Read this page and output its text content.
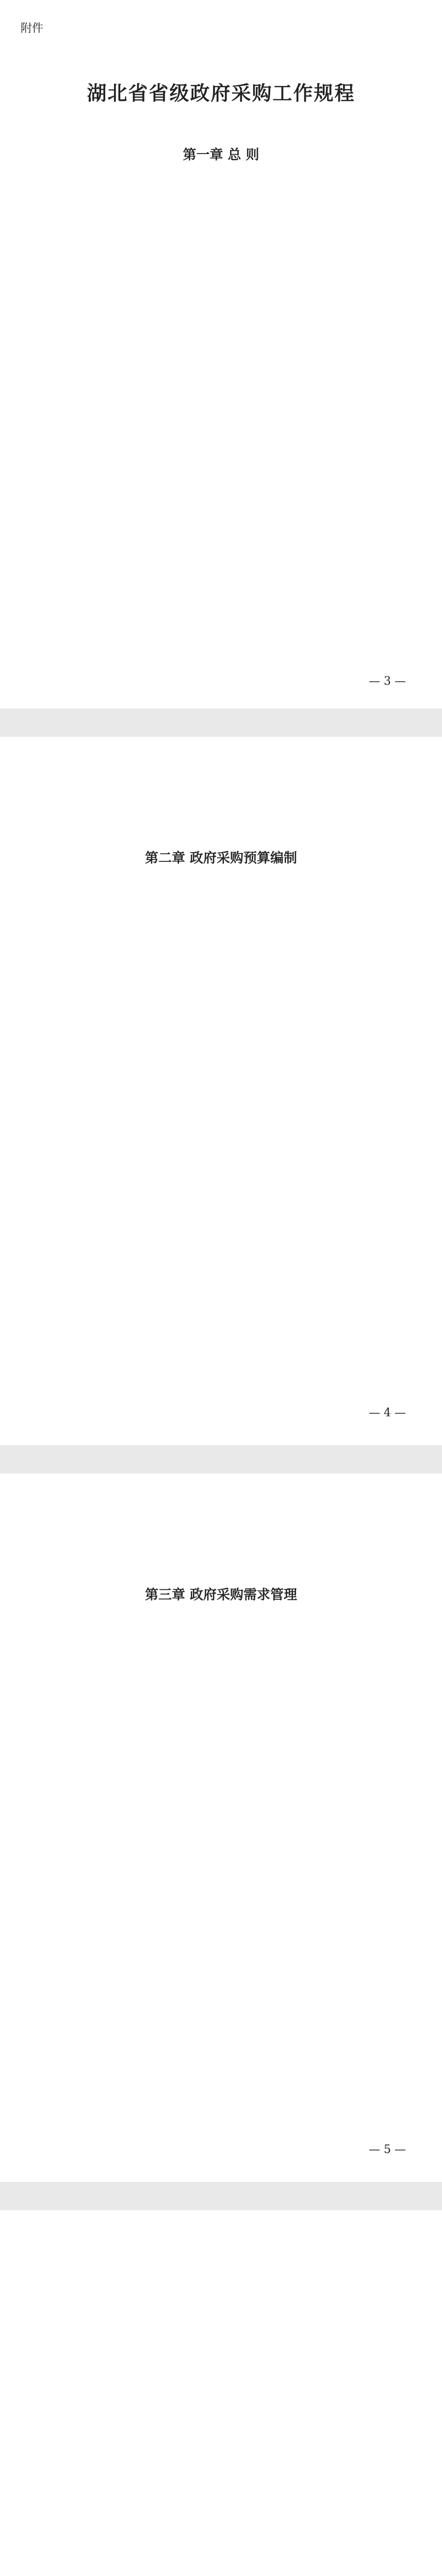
附件
湖北省省级政府采购工作规程
第一章 总 则
— 3 —
第二章 政府采购预算编制
— 4 —
第三章 政府采购需求管理
— 5 —
